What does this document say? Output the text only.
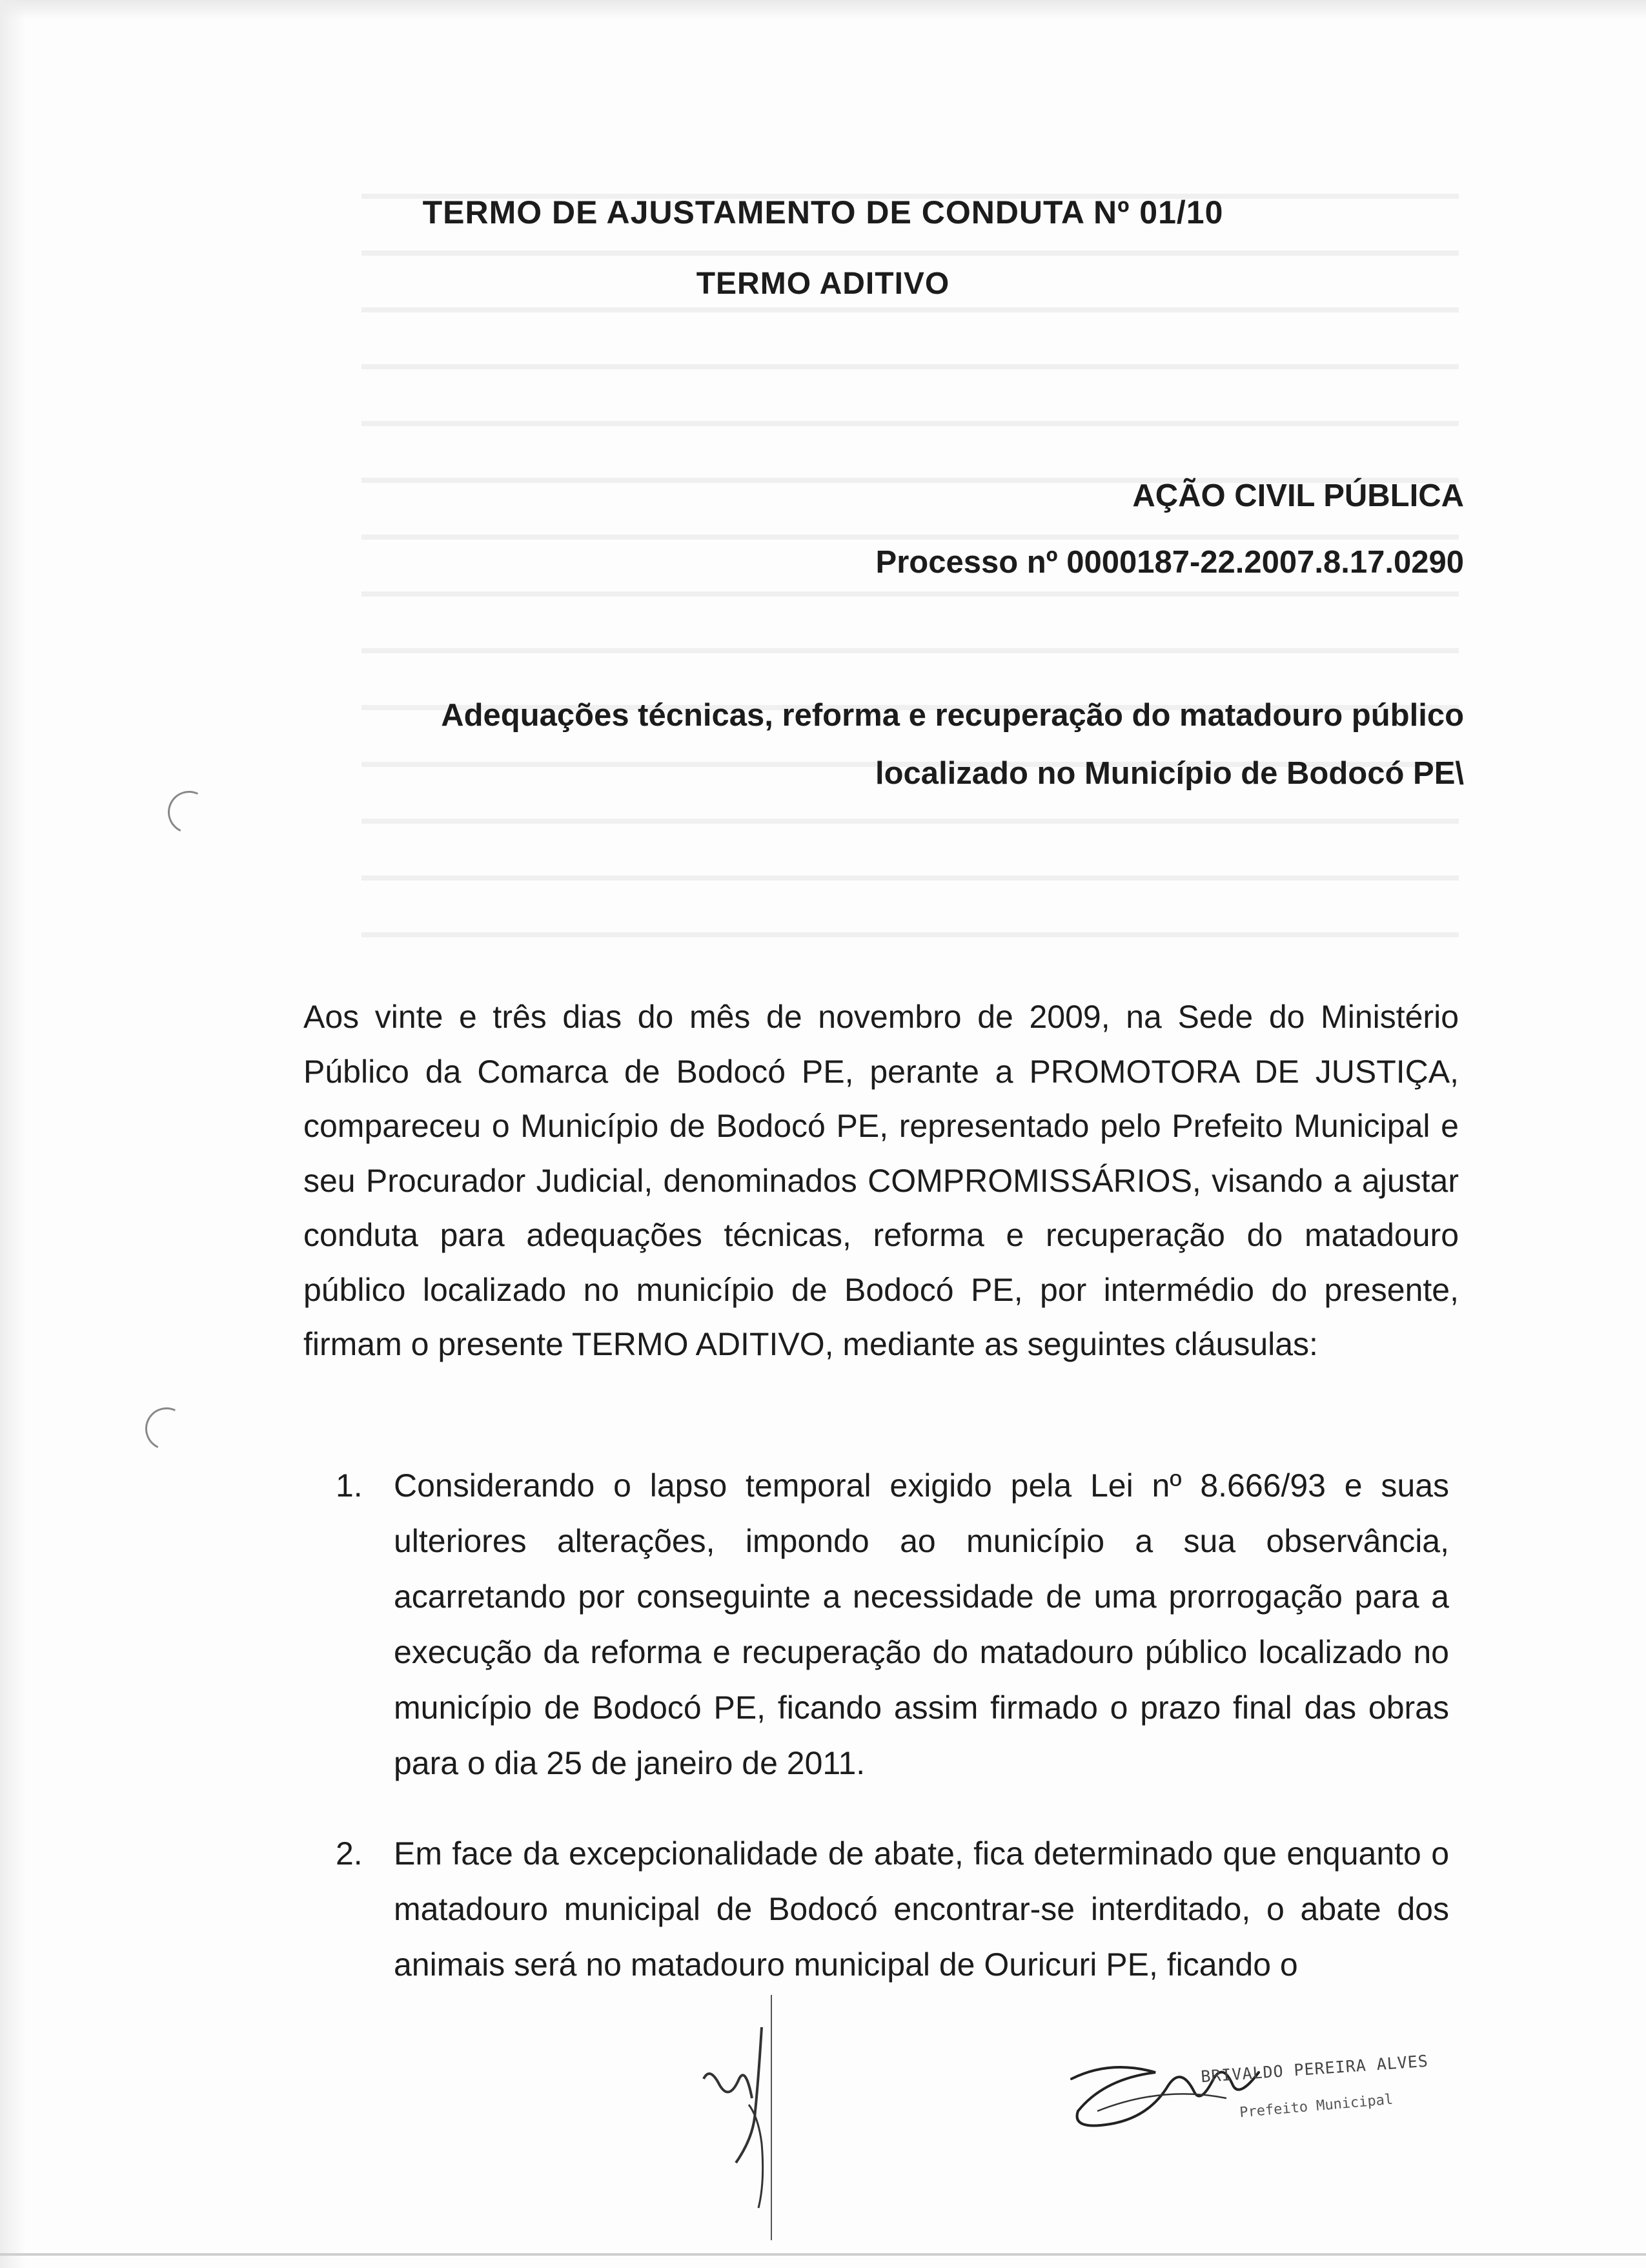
TERMO DE AJUSTAMENTO DE CONDUTA Nº 01/10
TERMO ADITIVO
AÇÃO CIVIL PÚBLICA
Processo nº 0000187-22.2007.8.17.0290
Adequações técnicas, reforma e recuperação do matadouro público
localizado no Município de Bodocó PE\

Aos vinte e três dias do mês de novembro de 2009, na Sede do Ministério Público da Comarca de Bodocó PE, perante a PROMOTORA DE JUSTIÇA, compareceu o Município de Bodocó PE, representado pelo Prefeito Municipal e seu Procurador Judicial, denominados COMPROMISSÁRIOS, visando a ajustar conduta para adequações técnicas, reforma e recuperação do matadouro público localizado no município de Bodocó PE, por intermédio do presente, firmam o presente TERMO ADITIVO, mediante as seguintes cláusulas:

1. Considerando o lapso temporal exigido pela Lei nº 8.666/93 e suas ulteriores alterações, impondo ao município a sua observância, acarretando por conseguinte a necessidade de uma prorrogação para a execução da reforma e recuperação do matadouro público localizado no município de Bodocó PE, ficando assim firmado o prazo final das obras para o dia 25 de janeiro de 2011.
2. Em face da excepcionalidade de abate, fica determinado que enquanto o matadouro municipal de Bodocó encontrar-se interditado, o abate dos animais será no matadouro municipal de Ouricuri PE, ficando o
BRIVALDO PEREIRA ALVES
Prefeito Municipal
